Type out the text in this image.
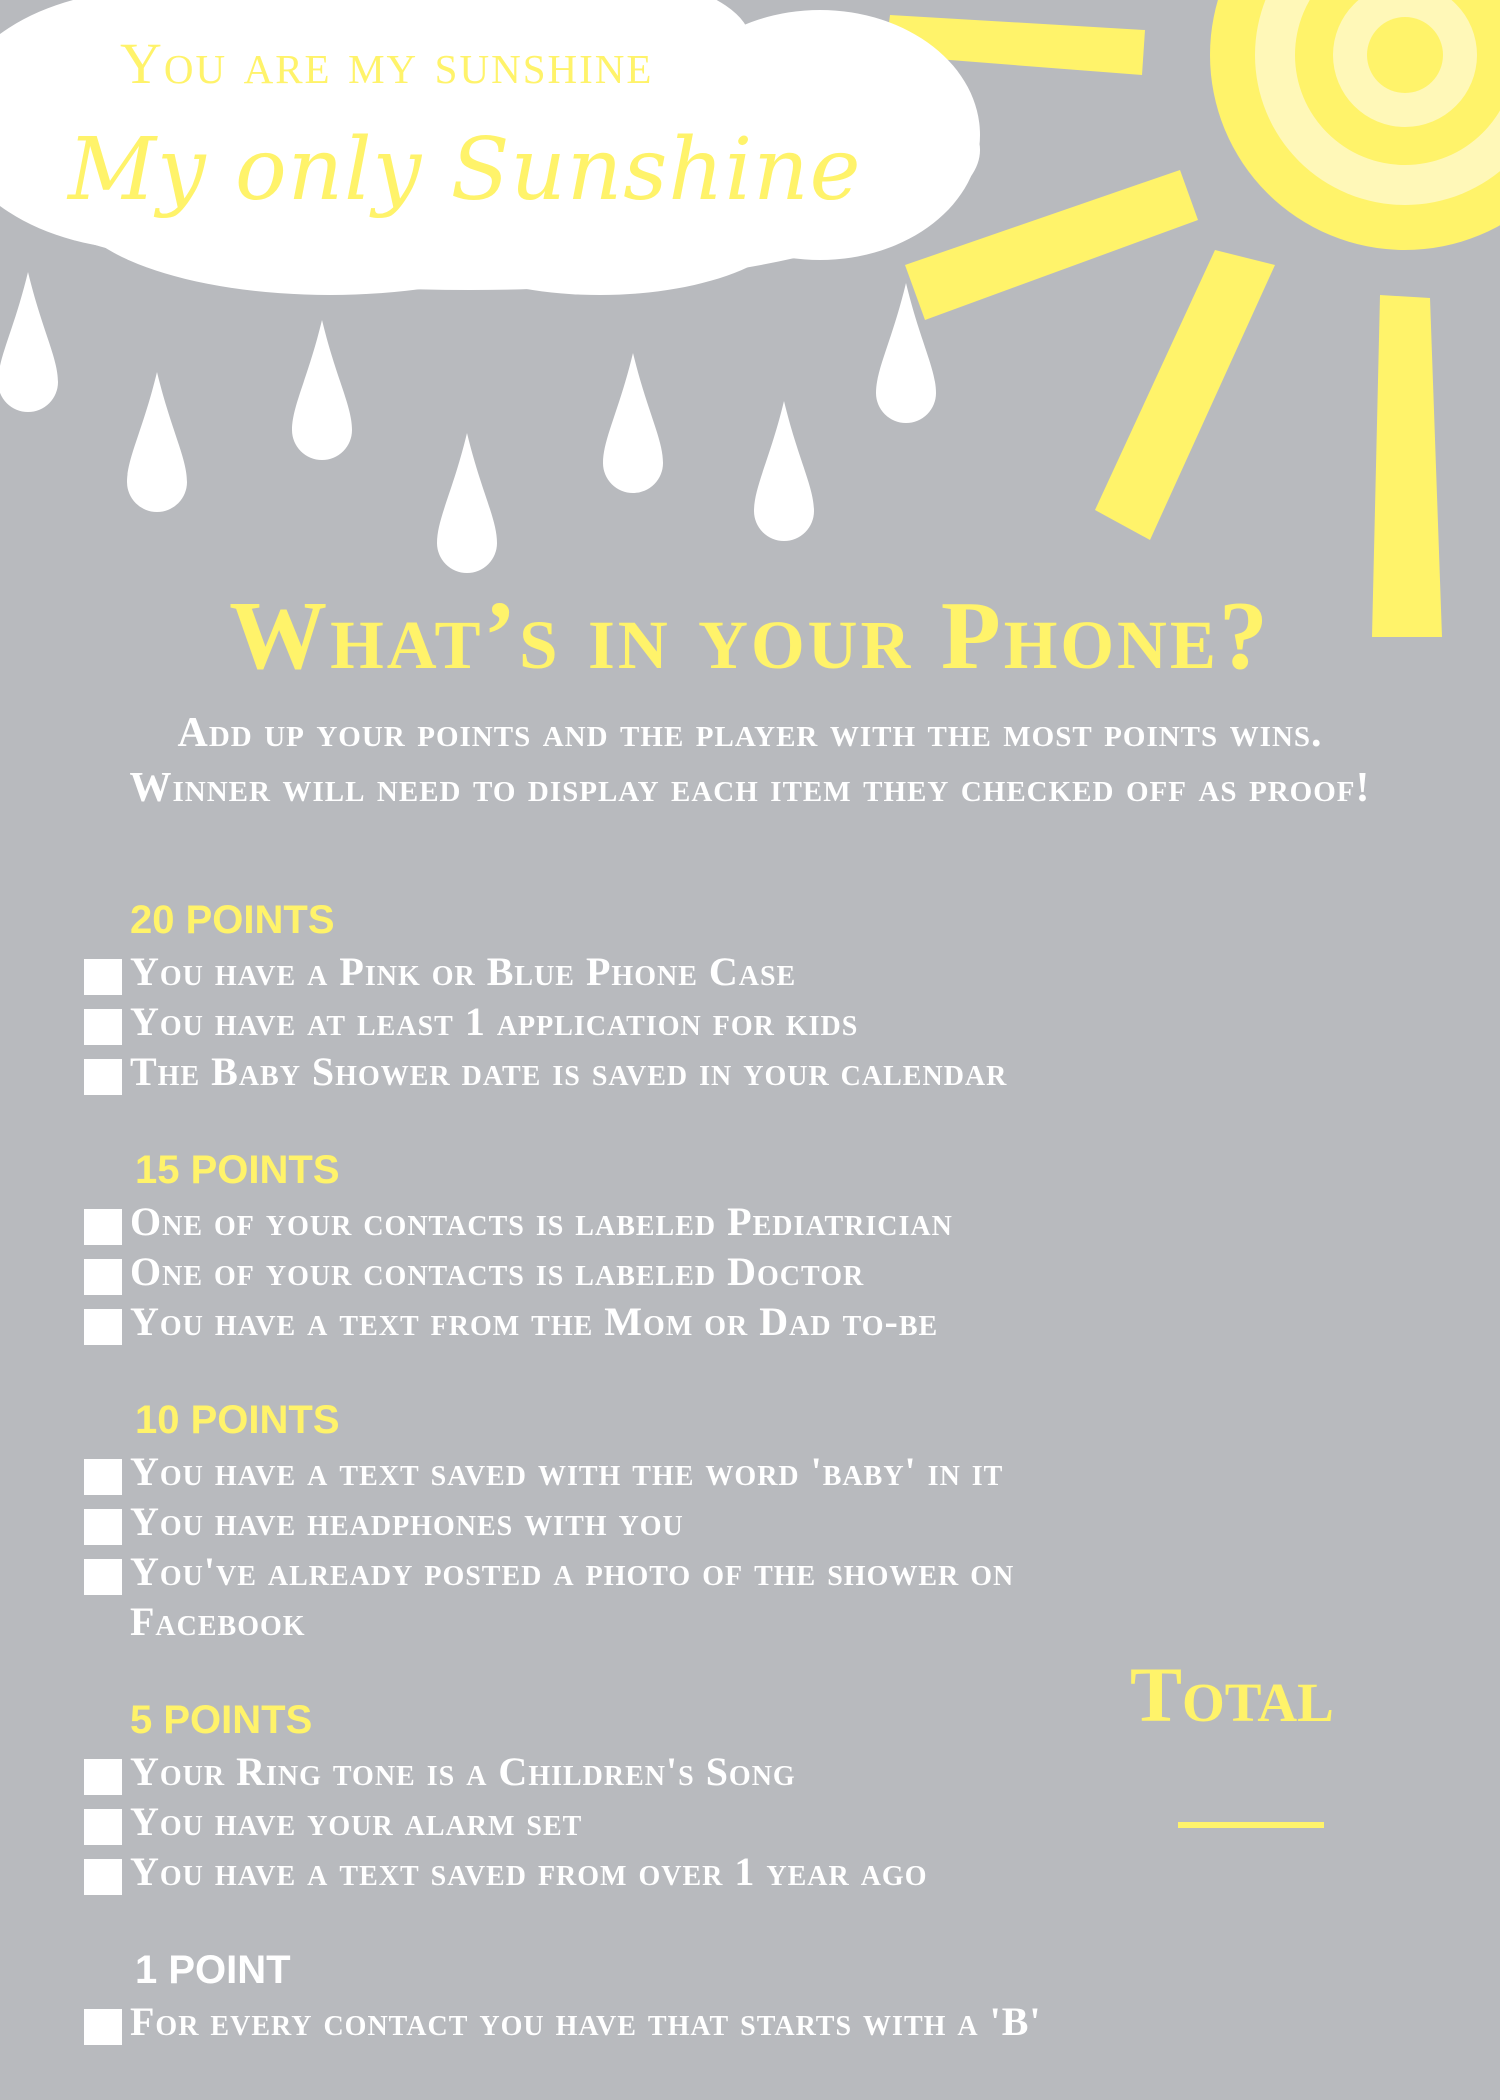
You are my sunshine
My only Sunshine
What’s in your Phone?
Add up your points and the player with the most points wins. Winner will need to display each item they checked off as proof!
20 POINTS
You have a Pink or Blue Phone Case
You have at least 1 application for kids
The Baby Shower date is saved in your calendar
15 POINTS
One of your contacts is labeled Pediatrician
One of your contacts is labeled Doctor
You have a text from the Mom or Dad to-be
10 POINTS
You have a text saved with the word 'baby' in it
You have headphones with you
You've already posted a photo of the shower on
Facebook
5 POINTS
Your Ring tone is a Children's Song
You have your alarm set
You have a text saved from over 1 year ago
1 POINT
For every contact you have that starts with a 'B'
Total
